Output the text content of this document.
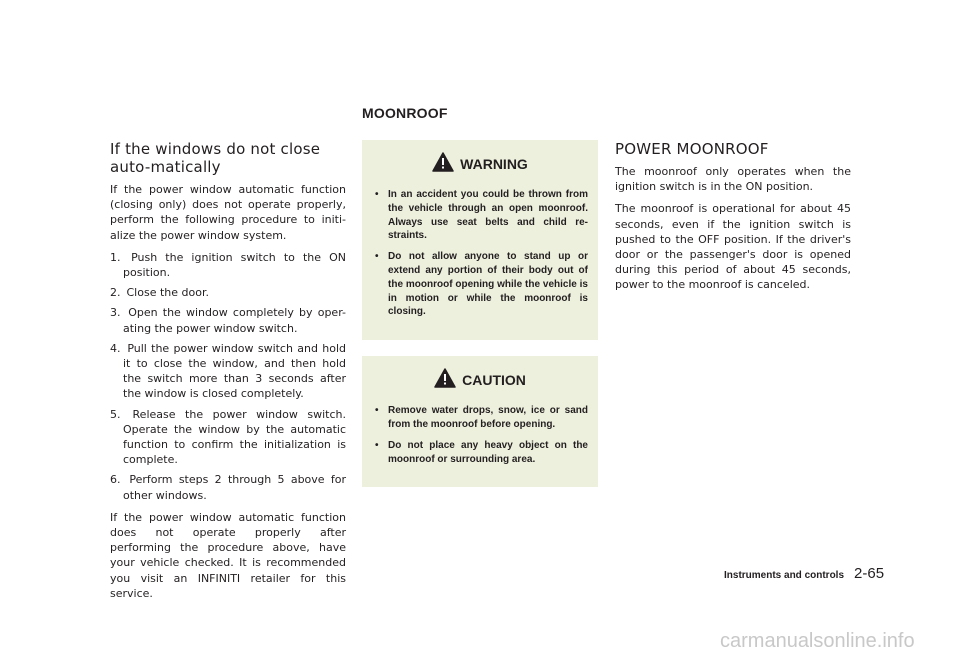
MOONROOF
If the windows do not close auto-matically

If the power window automatic function (closing only) does not operate properly, perform the following procedure to initi-alize the power window system.

1. Push the ignition switch to the ON position.
2. Close the door.
3. Open the window completely by oper-ating the power window switch.
4. Pull the power window switch and hold it to close the window, and then hold the switch more than 3 seconds after the window is closed completely.
5. Release the power window switch. Operate the window by the automatic function to confirm the initialization is complete.
6. Perform steps 2 through 5 above for other windows.

If the power window automatic function does not operate properly after performing the procedure above, have your vehicle checked. It is recommended you visit an INFINITI retailer for this service.

WARNING
• In an accident you could be thrown from the vehicle through an open moonroof. Always use seat belts and child re-straints.
• Do not allow anyone to stand up or extend any portion of their body out of the moonroof opening while the vehicle is in motion or while the moonroof is closing.
CAUTION
• Remove water drops, snow, ice or sand from the moonroof before opening.
• Do not place any heavy object on the moonroof or surrounding area.
POWER MOONROOF

The moonroof only operates when the ignition switch is in the ON position.

The moonroof is operational for about 45 seconds, even if the ignition switch is pushed to the OFF position. If the driver's door or the passenger's door is opened during this period of about 45 seconds, power to the moonroof is canceled.

Instruments and controls 2-65
carmanualsonline.info
